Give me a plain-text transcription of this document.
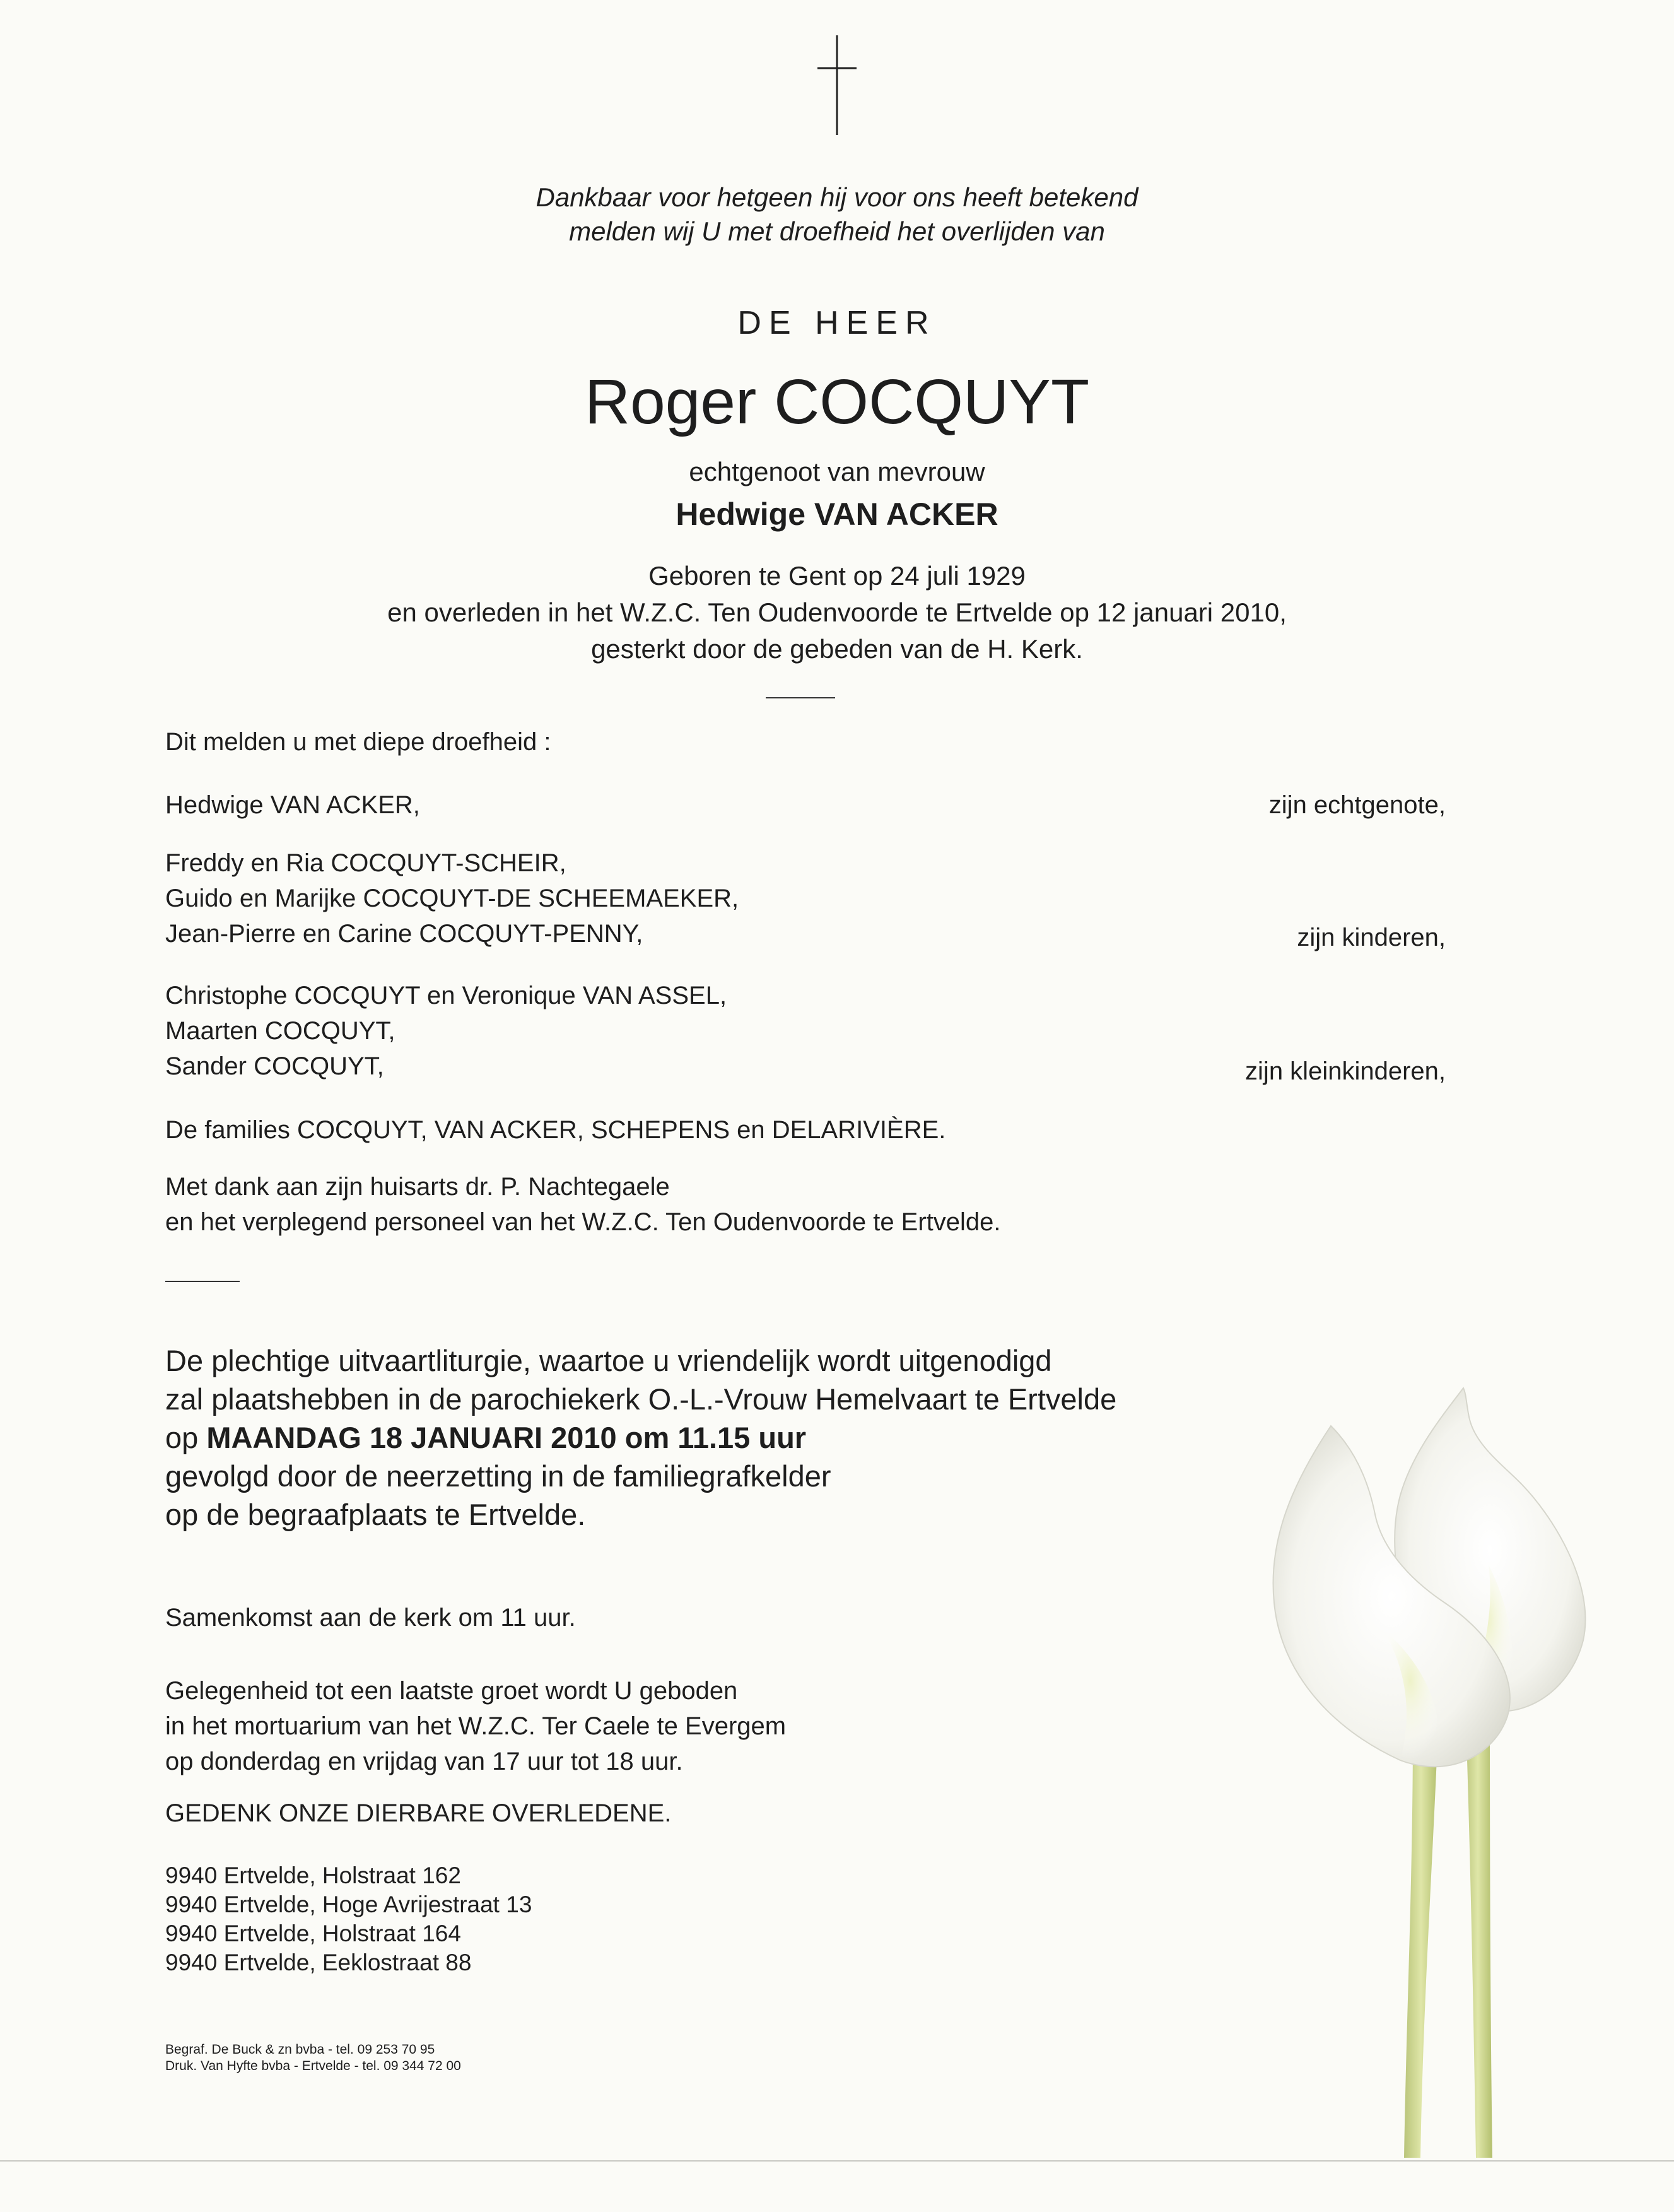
Dankbaar voor hetgeen hij voor ons heeft betekend
melden wij U met droefheid het overlijden van
DE HEER
Roger COCQUYT
echtgenoot van mevrouw
Hedwige VAN ACKER
Geboren te Gent op 24 juli 1929
en overleden in het W.Z.C. Ten Oudenvoorde te Ertvelde op 12 januari 2010,
gesterkt door de gebeden van de H. Kerk.
Dit melden u met diepe droefheid :
Hedwige VAN ACKER,	zijn echtgenote,
Freddy en Ria COCQUYT-SCHEIR,
Guido en Marijke COCQUYT-DE SCHEEMAEKER,
Jean-Pierre en Carine COCQUYT-PENNY,	zijn kinderen,
Christophe COCQUYT en Veronique VAN ASSEL,
Maarten COCQUYT,
Sander COCQUYT,	zijn kleinkinderen,
De families COCQUYT, VAN ACKER, SCHEPENS en DELARIVIÈRE.
Met dank aan zijn huisarts dr. P. Nachtegaele
en het verplegend personeel van het W.Z.C. Ten Oudenvoorde te Ertvelde.
De plechtige uitvaartliturgie, waartoe u vriendelijk wordt uitgenodigd
zal plaatshebben in de parochiekerk O.-L.-Vrouw Hemelvaart te Ertvelde
op MAANDAG 18 JANUARI 2010 om 11.15 uur
gevolgd door de neerzetting in de familiegrafkelder
op de begraafplaats te Ertvelde.
Samenkomst aan de kerk om 11 uur.
Gelegenheid tot een laatste groet wordt U geboden
in het mortuarium van het W.Z.C. Ter Caele te Evergem
op donderdag en vrijdag van 17 uur tot 18 uur.
GEDENK ONZE DIERBARE OVERLEDENE.
9940 Ertvelde, Holstraat 162
9940 Ertvelde, Hoge Avrijestraat 13
9940 Ertvelde, Holstraat 164
9940 Ertvelde, Eeklostraat 88
Begraf. De Buck & zn bvba - tel. 09 253 70 95
Druk. Van Hyfte bvba - Ertvelde - tel. 09 344 72 00
